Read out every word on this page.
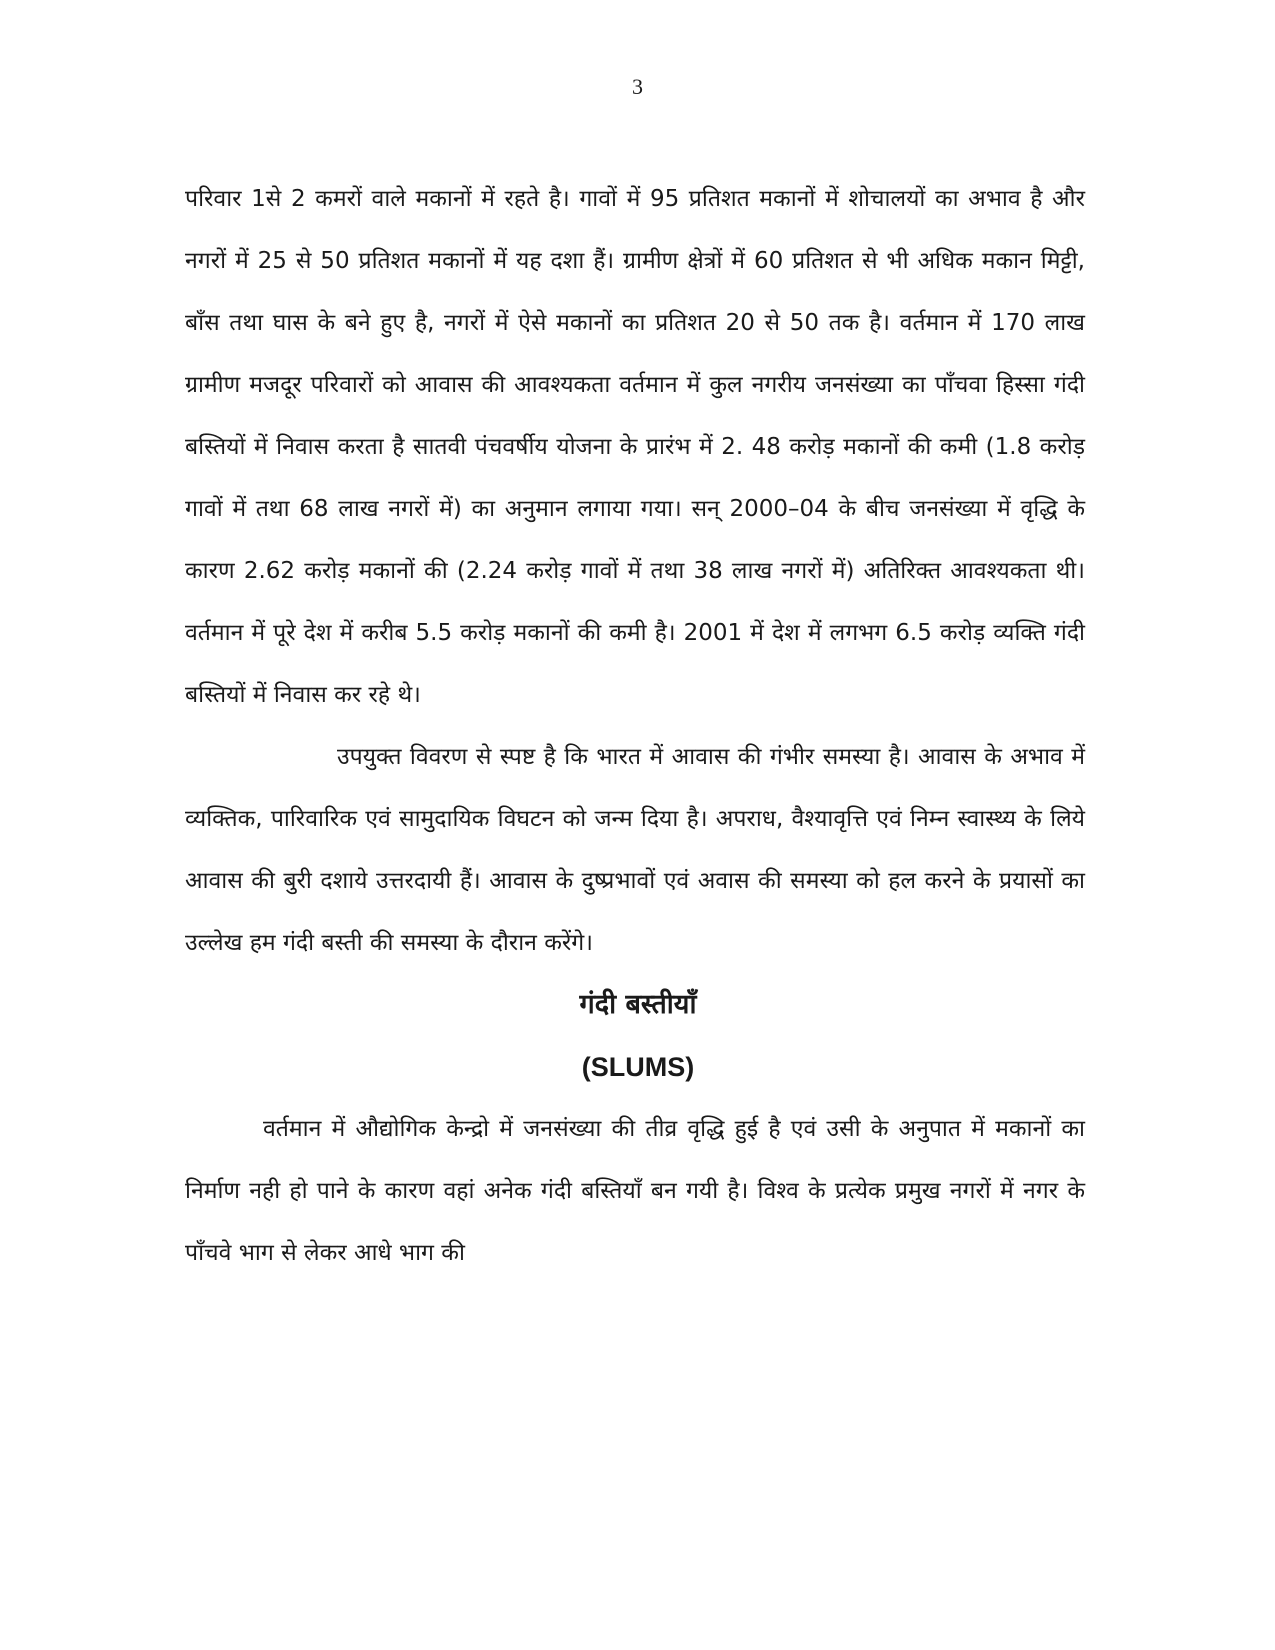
3

परिवार 1से 2 कमरों वाले मकानों में रहते है। गावों में 95 प्रतिशत मकानों में शोचालयों का अभाव है और नगरों में 25 से 50 प्रतिशत मकानों में यह दशा हैं। ग्रामीण क्षेत्रों में 60 प्रतिशत से भी अधिक मकान मिट्टी, बाँस तथा घास के बने हुए है, नगरों में ऐसे मकानों का प्रतिशत 20 से 50 तक है। वर्तमान में 170 लाख ग्रामीण मजदूर परिवारों को आवास की आवश्यकता वर्तमान में कुल नगरीय जनसंख्या का पाँचवा हिस्सा गंदी बस्तियों में निवास करता है सातवी पंचवर्षीय योजना के प्रारंभ में 2. 48 करोड़ मकानों की कमी (1.8 करोड़ गावों में तथा 68 लाख नगरों में) का अनुमान लगाया गया। सन् 2000–04 के बीच जनसंख्या में वृद्धि के कारण 2.62 करोड़ मकानों की (2.24 करोड़ गावों में तथा 38 लाख नगरों में) अतिरिक्त आवश्यकता थी। वर्तमान में पूरे देश में करीब 5.5 करोड़ मकानों की कमी है। 2001 में देश में लगभग 6.5 करोड़ व्यक्ति गंदी बस्तियों में निवास कर रहे थे।

उपयुक्त विवरण से स्पष्ट है कि भारत में आवास की गंभीर समस्या है। आवास के अभाव में व्यक्तिक, पारिवारिक एवं सामुदायिक विघटन को जन्म दिया है। अपराध, वैश्यावृत्ति एवं निम्न स्वास्थ्य के लिये आवास की बुरी दशाये उत्तरदायी हैं। आवास के दुष्प्रभावों एवं अवास की समस्या को हल करने के प्रयासों का उल्लेख हम गंदी बस्ती की समस्या के दौरान करेंगे।

गंदी बस्तीयाँ
(SLUMS)

वर्तमान में औद्योगिक केन्द्रो में जनसंख्या की तीव्र वृद्धि हुई है एवं उसी के अनुपात में मकानों का निर्माण नही हो पाने के कारण वहां अनेक गंदी बस्तियाँ बन गयी है। विश्व के प्रत्येक प्रमुख नगरों में नगर के पाँचवे भाग से लेकर आधे भाग की
